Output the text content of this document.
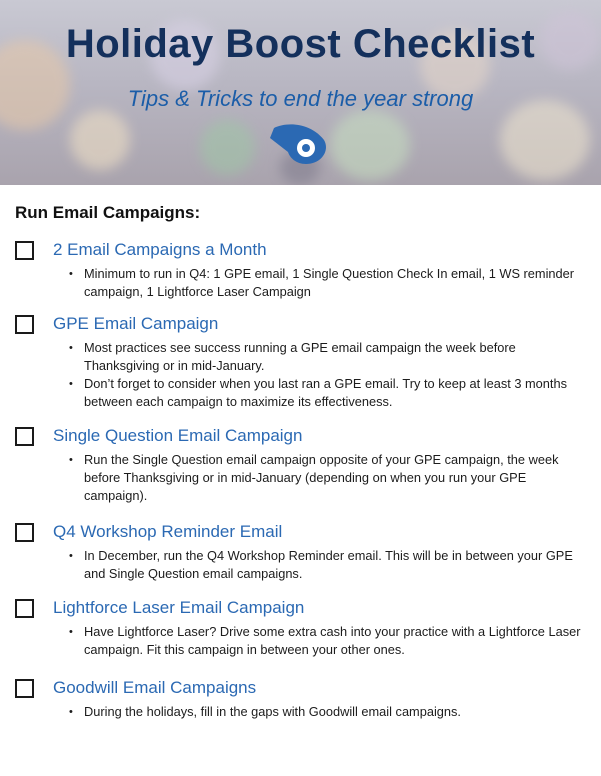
Holiday Boost Checklist
Tips & Tricks to end the year strong
Run Email Campaigns:
2 Email Campaigns a Month
• Minimum to run in Q4: 1 GPE email, 1 Single Question Check In email, 1 WS reminder campaign, 1 Lightforce Laser Campaign
GPE Email Campaign
• Most practices see success running a GPE email campaign the week before Thanksgiving or in mid-January.
• Don’t forget to consider when you last ran a GPE email. Try to keep at least 3 months between each campaign to maximize its effectiveness.
Single Question Email Campaign
• Run the Single Question email campaign opposite of your GPE campaign, the week before Thanksgiving or in mid-January (depending on when you run your GPE campaign).
Q4 Workshop Reminder Email
• In December, run the Q4 Workshop Reminder email. This will be in between your GPE and Single Question email campaigns.
Lightforce Laser Email Campaign
• Have Lightforce Laser? Drive some extra cash into your practice with a Lightforce Laser campaign. Fit this campaign in between your other ones.
Goodwill Email Campaigns
• During the holidays, fill in the gaps with Goodwill email campaigns.
